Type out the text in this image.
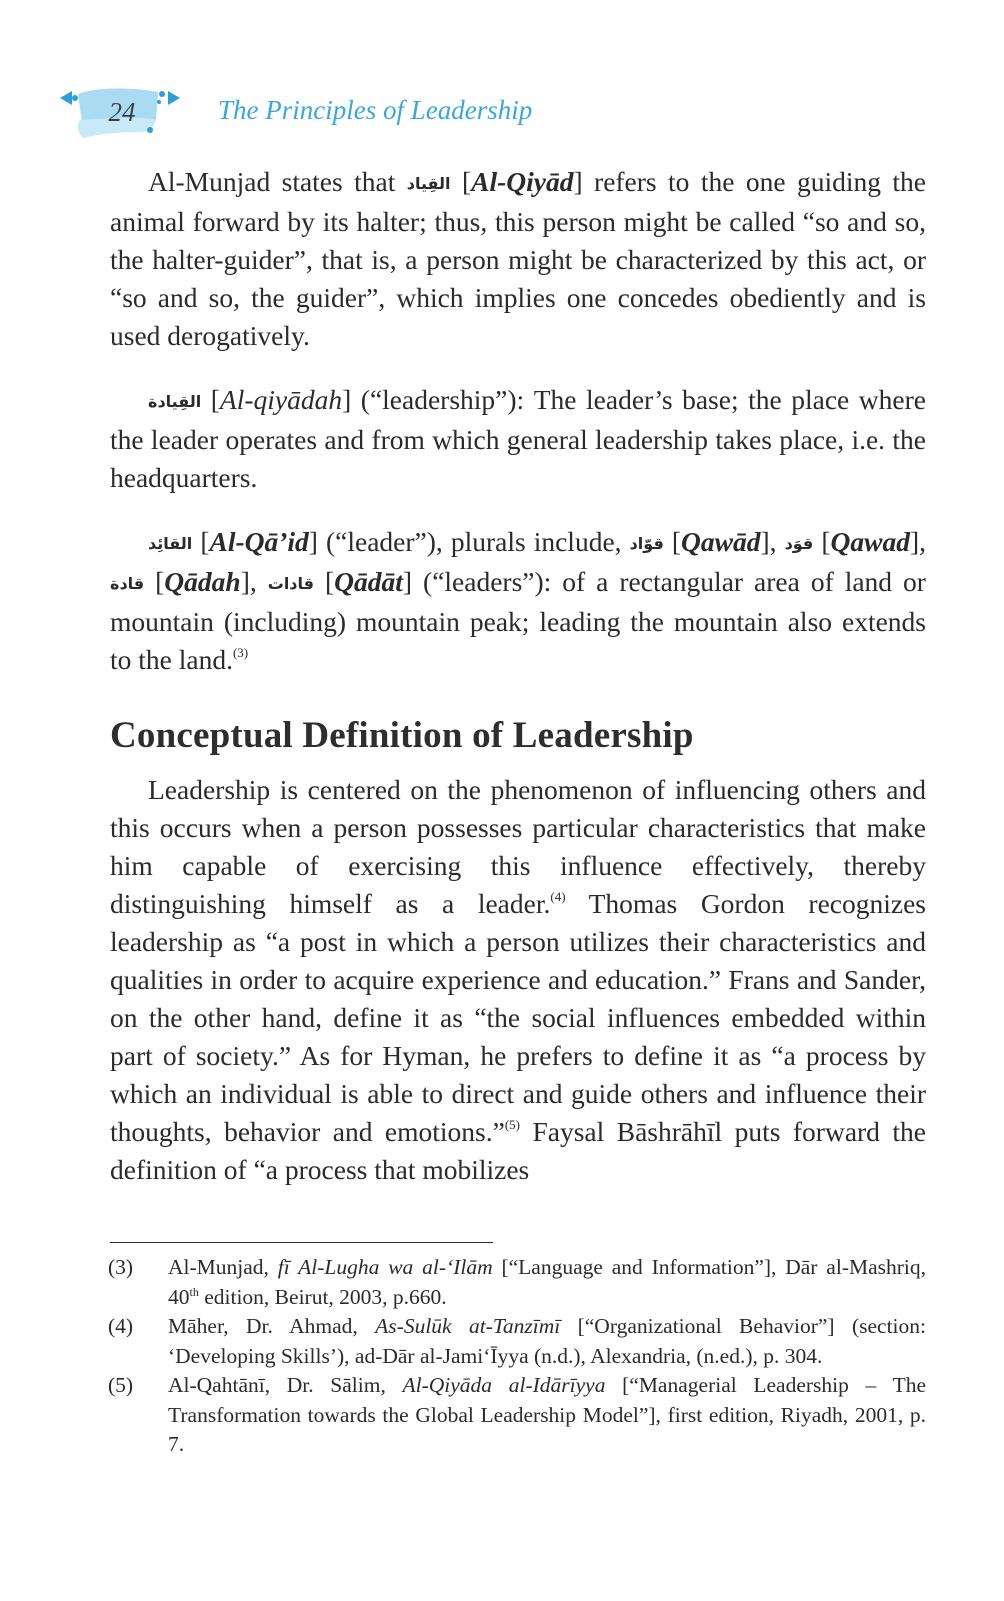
24	The Principles of Leadership

Al-Munjad states that القِياد [Al-Qiyād] refers to the one guiding the animal forward by its halter; thus, this person might be called “so and so, the halter-guider”, that is, a person might be characterized by this act, or “so and so, the guider”, which implies one concedes obediently and is used derogatively.

القِيادة [Al-qiyādah] (“leadership”): The leader’s base; the place where the leader operates and from which general leadership takes place, i.e. the headquarters.

القائِد [Al-Qā’id] (“leader”), plurals include, قوّاد [Qawād], قوَد [Qawad], قادة [Qādah], قادات [Qādāt] (“leaders”): of a rectangular area of land or mountain (including) mountain peak; leading the mountain also extends to the land.$^{(3)}$

Conceptual Definition of Leadership

Leadership is centered on the phenomenon of influencing others and this occurs when a person possesses particular characteristics that make him capable of exercising this influence effectively, thereby distinguishing himself as a leader.$^{(4)}$ Thomas Gordon recognizes leadership as “a post in which a person utilizes their characteristics and qualities in order to acquire experience and education.” Frans and Sander, on the other hand, define it as “the social influences embedded within part of society.” As for Hyman, he prefers to define it as “a process by which an individual is able to direct and guide others and influence their thoughts, behavior and emotions.”$^{(5)}$ Faysal Bāshrāhīl puts forward the definition of “a process that mobilizes

(3)	Al-Munjad, fī Al-Lugha wa al-‘Ilām [“Language and Information”], Dār al-Mashriq, 40th edition, Beirut, 2003, p.660.
(4)	Māher, Dr. Ahmad, As-Sulūk at-Tanzīmī [“Organizational Behavior”] (section: ‘Developing Skills’), ad-Dār al-Jami‘Īyya (n.d.), Alexandria, (n.ed.), p. 304.
(5)	Al-Qahtānī, Dr. Sālim, Al-Qiyāda al-Idārīyya [“Managerial Leadership – The Transformation towards the Global Leadership Model”], first edition, Riyadh, 2001, p. 7.
